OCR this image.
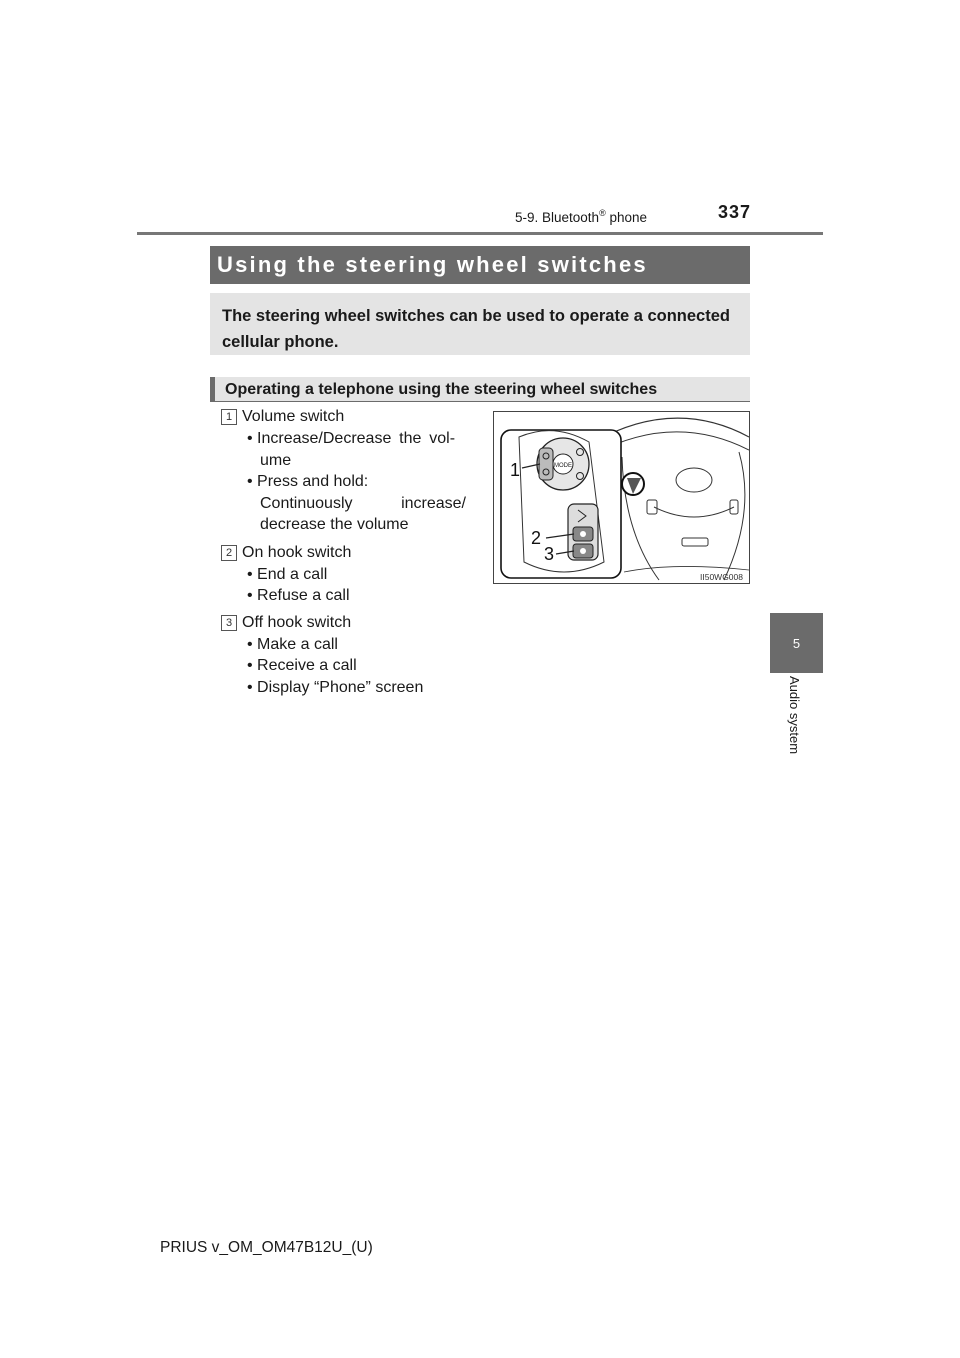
5-9. Bluetooth® phone	337
5
Audio system
Using the steering wheel switches
The steering wheel switches can be used to operate a connected cellular phone.
Operating a telephone using the steering wheel switches
1 Volume switch
• Increase/Decrease the vol-
ume
• Press and hold:
Continuously increase/
decrease the volume
2 On hook switch
• End a call
• Refuse a call
3 Off hook switch
• Make a call
• Receive a call
• Display “Phone” screen
MODE
1
2
3
II50WG008
PRIUS v_OM_OM47B12U_(U)
